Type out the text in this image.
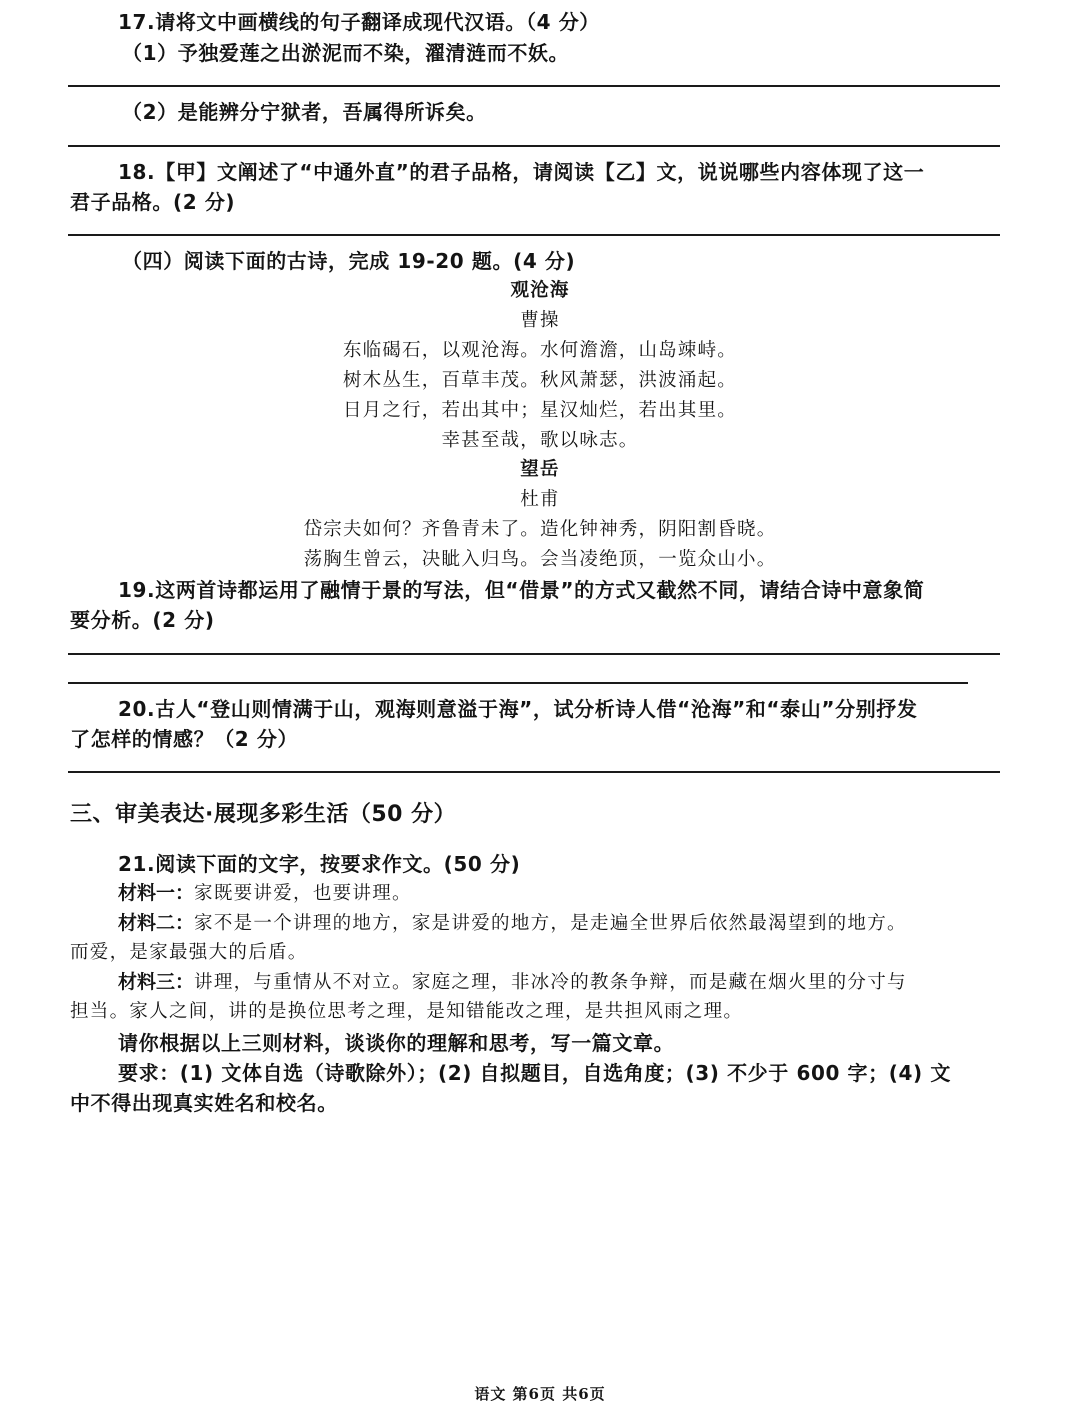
17.请将文中画横线的句子翻译成现代汉语。（4 分）
（1）予独爱莲之出淤泥而不染，濯清涟而不妖。
（2）是能辨分宁狱者，吾属得所诉矣。
18.【甲】文阐述了“中通外直”的君子品格，请阅读【乙】文，说说哪些内容体现了这一
君子品格。(2 分)
（四）阅读下面的古诗，完成 19-20 题。(4 分)
观沧海
曹操
东临碣石，以观沧海。水何澹澹，山岛竦峙。
树木丛生，百草丰茂。秋风萧瑟，洪波涌起。
日月之行，若出其中；星汉灿烂，若出其里。
幸甚至哉，歌以咏志。
望岳
杜甫
岱宗夫如何？齐鲁青未了。造化钟神秀，阴阳割昏晓。
荡胸生曾云，决眦入归鸟。会当凌绝顶，一览众山小。
19.这两首诗都运用了融情于景的写法，但“借景”的方式又截然不同，请结合诗中意象简
要分析。(2 分)
20.古人“登山则情满于山，观海则意溢于海”，试分析诗人借“沧海”和“泰山”分别抒发
了怎样的情感？（2 分）
三、审美表达·展现多彩生活（50 分）
21.阅读下面的文字，按要求作文。(50 分)
材料一：家既要讲爱，也要讲理。
材料二：家不是一个讲理的地方，家是讲爱的地方，是走遍全世界后依然最渴望到的地方。
而爱，是家最强大的后盾。
材料三：讲理，与重情从不对立。家庭之理，非冰冷的教条争辩，而是藏在烟火里的分寸与
担当。家人之间，讲的是换位思考之理，是知错能改之理，是共担风雨之理。
请你根据以上三则材料，谈谈你的理解和思考，写一篇文章。
要求：(1) 文体自选（诗歌除外）；(2) 自拟题目，自选角度；(3) 不少于 600 字；(4) 文
中不得出现真实姓名和校名。
语文 第6页 共6页
